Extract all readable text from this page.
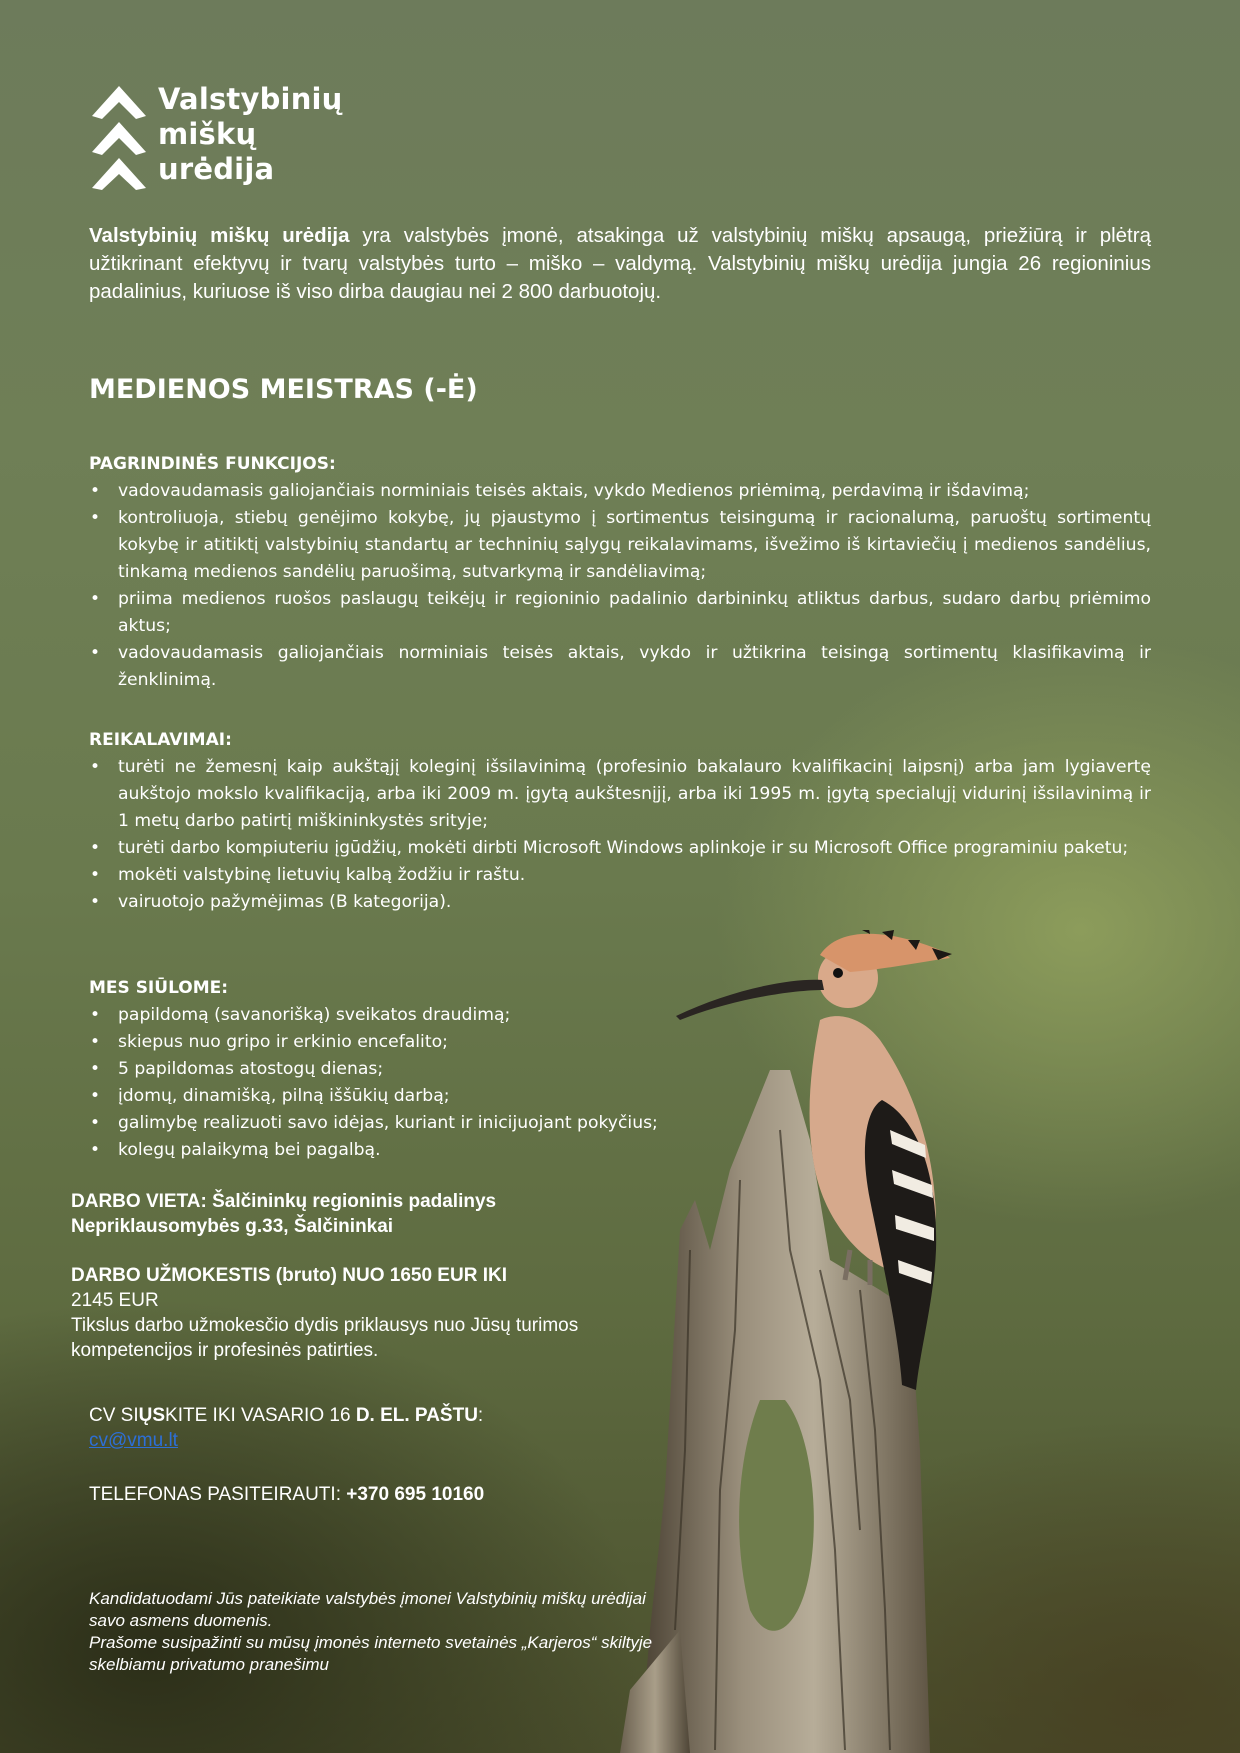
Valstybinių
miškų
urėdija

Valstybinių miškų urėdija yra valstybės įmonė, atsakinga už valstybinių miškų apsaugą, priežiūrą ir plėtrą užtikrinant efektyvų ir tvarų valstybės turto – miško – valdymą. Valstybinių miškų urėdija jungia 26 regioninius padalinius, kuriuose iš viso dirba daugiau nei 2 800 darbuotojų.

MEDIENOS MEISTRAS (-Ė)
PAGRINDINĖS FUNKCIJOS:
• vadovaudamasis galiojančiais norminiais teisės aktais, vykdo Medienos priėmimą, perdavimą ir išdavimą;
• kontroliuoja, stiebų genėjimo kokybę, jų pjaustymo į sortimentus teisingumą ir racionalumą, paruoštų sortimentų kokybę ir atitiktį valstybinių standartų ar techninių sąlygų reikalavimams, išvežimo iš kirtaviečių į medienos sandėlius, tinkamą medienos sandėlių paruošimą, sutvarkymą ir sandėliavimą;
• priima medienos ruošos paslaugų teikėjų ir regioninio padalinio darbininkų atliktus darbus, sudaro darbų priėmimo aktus;
• vadovaudamasis galiojančiais norminiais teisės aktais, vykdo ir užtikrina teisingą sortimentų klasifikavimą ir ženklinimą.
REIKALAVIMAI:
• turėti ne žemesnį kaip aukštąjį koleginį išsilavinimą (profesinio bakalauro kvalifikacinį laipsnį) arba jam lygiavertę aukštojo mokslo kvalifikaciją, arba iki 2009 m. įgytą aukštesnįjį, arba iki 1995 m. įgytą specialųjį vidurinį išsilavinimą ir 1 metų darbo patirtį miškininkystės srityje;
• turėti darbo kompiuteriu įgūdžių, mokėti dirbti Microsoft Windows aplinkoje ir su Microsoft Office programiniu paketu;
• mokėti valstybinę lietuvių kalbą žodžiu ir raštu.
• vairuotojo pažymėjimas (B kategorija).
MES SIŪLOME:
• papildomą (savanorišką) sveikatos draudimą;
• skiepus nuo gripo ir erkinio encefalito;
• 5 papildomas atostogų dienas;
• įdomų, dinamišką, pilną iššūkių darbą;
• galimybę realizuoti savo idėjas, kuriant ir inicijuojant pokyčius;
• kolegų palaikymą bei pagalbą.
DARBO VIETA: Šalčininkų regioninis padalinys
Nepriklausomybės g.33, Šalčininkai
DARBO UŽMOKESTIS (bruto) NUO 1650 EUR IKI
2145 EUR
Tikslus darbo užmokesčio dydis priklausys nuo Jūsų turimos kompetencijos ir profesinės patirties.
CV SIŲSKITE IKI VASARIO 16 D. EL. PAŠTU:
cv@vmu.lt
TELEFONAS PASITEIRAUTI: +370 695 10160
Kandidatuodami Jūs pateikiate valstybės įmonei Valstybinių miškų urėdijai savo asmens duomenis.
Prašome susipažinti su mūsų įmonės interneto svetainės „Karjeros“ skiltyje skelbiamu privatumo pranešimu
